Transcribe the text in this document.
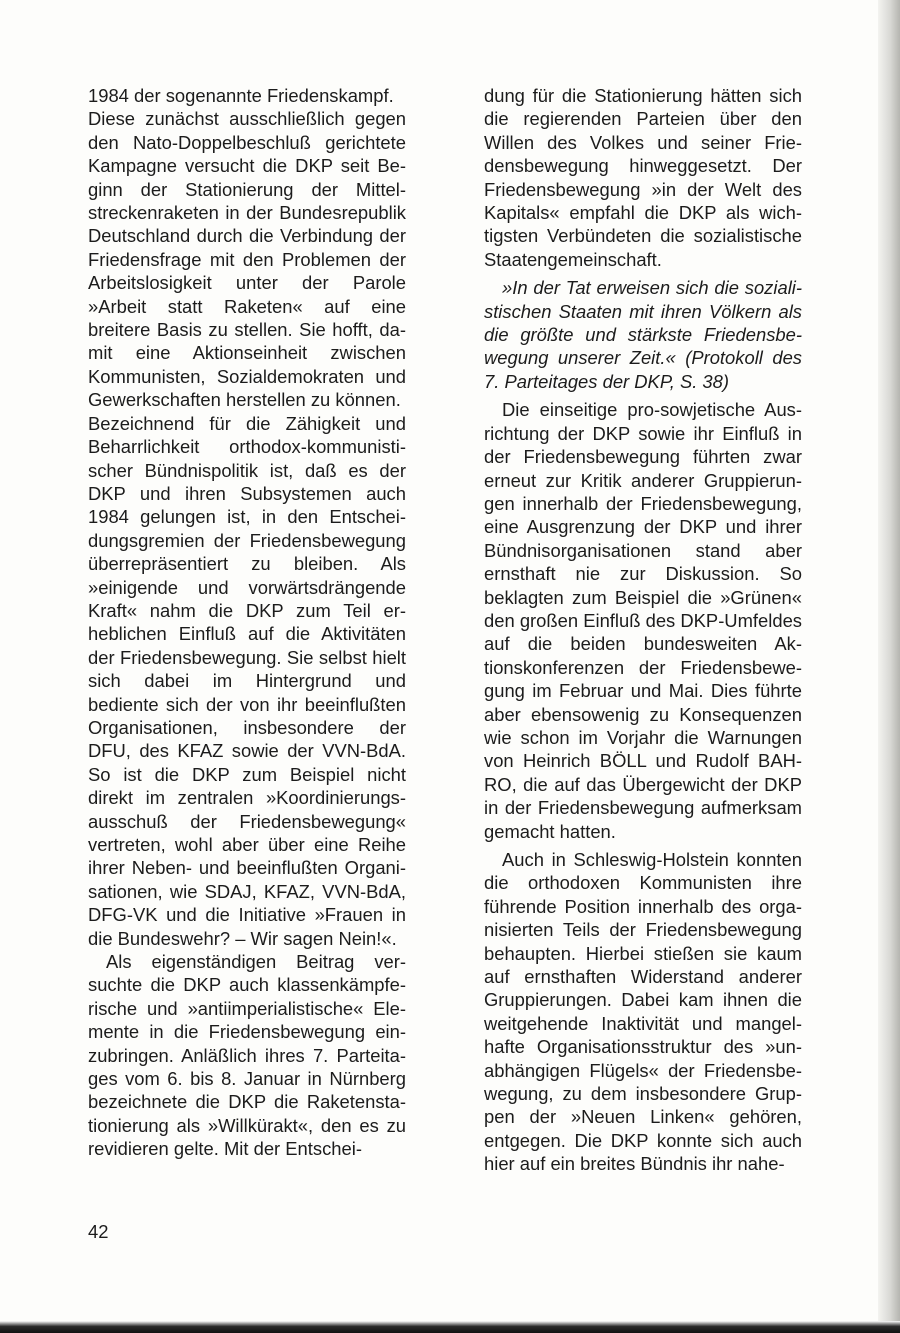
1984 der sogenannte Friedenskampf.

Diese zunächst ausschließlich gegen den Nato-Doppelbeschluß gerichtete Kampagne versucht die DKP seit Beginn der Stationierung der Mittelstreckenraketen in der Bundesrepublik Deutschland durch die Verbindung der Friedensfrage mit den Problemen der Arbeitslosigkeit unter der Parole »Arbeit statt Raketen« auf eine breitere Basis zu stellen. Sie hofft, damit eine Aktionseinheit zwischen Kommunisten, Sozialdemokraten und Gewerkschaften herstellen zu können.

Bezeichnend für die Zähigkeit und Beharrlichkeit orthodox-kommunistischer Bündnispolitik ist, daß es der DKP und ihren Subsystemen auch 1984 gelungen ist, in den Entscheidungsgremien der Friedensbewegung überrepräsentiert zu bleiben. Als »einigende und vorwärtsdrängende Kraft« nahm die DKP zum Teil erheblichen Einfluß auf die Aktivitäten der Friedensbewegung. Sie selbst hielt sich dabei im Hintergrund und bediente sich der von ihr beeinflußten Organisationen, insbesondere der DFU, des KFAZ sowie der VVN-BdA. So ist die DKP zum Beispiel nicht direkt im zentralen »Koordinierungsausschuß der Friedensbewegung« vertreten, wohl aber über eine Reihe ihrer Neben- und beeinflußten Organisationen, wie SDAJ, KFAZ, VVN-BdA, DFG-VK und die Initiative »Frauen in die Bundeswehr? – Wir sagen Nein!«.

Als eigenständigen Beitrag versuchte die DKP auch klassenkämpferische und »antiimperialistische« Elemente in die Friedensbewegung einzubringen. Anläßlich ihres 7. Parteitages vom 6. bis 8. Januar in Nürnberg bezeichnete die DKP die Raketenstationierung als »Willkürakt«, den es zu revidieren gelte. Mit der Entschei-

dung für die Stationierung hätten sich die regierenden Parteien über den Willen des Volkes und seiner Friedensbewegung hinweggesetzt. Der Friedensbewegung »in der Welt des Kapitals« empfahl die DKP als wichtigsten Verbündeten die sozialistische Staatengemeinschaft.

»In der Tat erweisen sich die sozialistischen Staaten mit ihren Völkern als die größte und stärkste Friedensbewegung unserer Zeit.« (Protokoll des 7. Parteitages der DKP, S. 38)

Die einseitige pro-sowjetische Ausrichtung der DKP sowie ihr Einfluß in der Friedensbewegung führten zwar erneut zur Kritik anderer Gruppierungen innerhalb der Friedensbewegung, eine Ausgrenzung der DKP und ihrer Bündnisorganisationen stand aber ernsthaft nie zur Diskussion. So beklagten zum Beispiel die »Grünen« den großen Einfluß des DKP-Umfeldes auf die beiden bundesweiten Aktionskonferenzen der Friedensbewegung im Februar und Mai. Dies führte aber ebensowenig zu Konsequenzen wie schon im Vorjahr die Warnungen von Heinrich BÖLL und Rudolf BAHRO, die auf das Übergewicht der DKP in der Friedensbewegung aufmerksam gemacht hatten.

Auch in Schleswig-Holstein konnten die orthodoxen Kommunisten ihre führende Position innerhalb des organisierten Teils der Friedensbewegung behaupten. Hierbei stießen sie kaum auf ernsthaften Widerstand anderer Gruppierungen. Dabei kam ihnen die weitgehende Inaktivität und mangelhafte Organisationsstruktur des »unabhängigen Flügels« der Friedensbewegung, zu dem insbesondere Gruppen der »Neuen Linken« gehören, entgegen. Die DKP konnte sich auch hier auf ein breites Bündnis ihr nahe-

42
